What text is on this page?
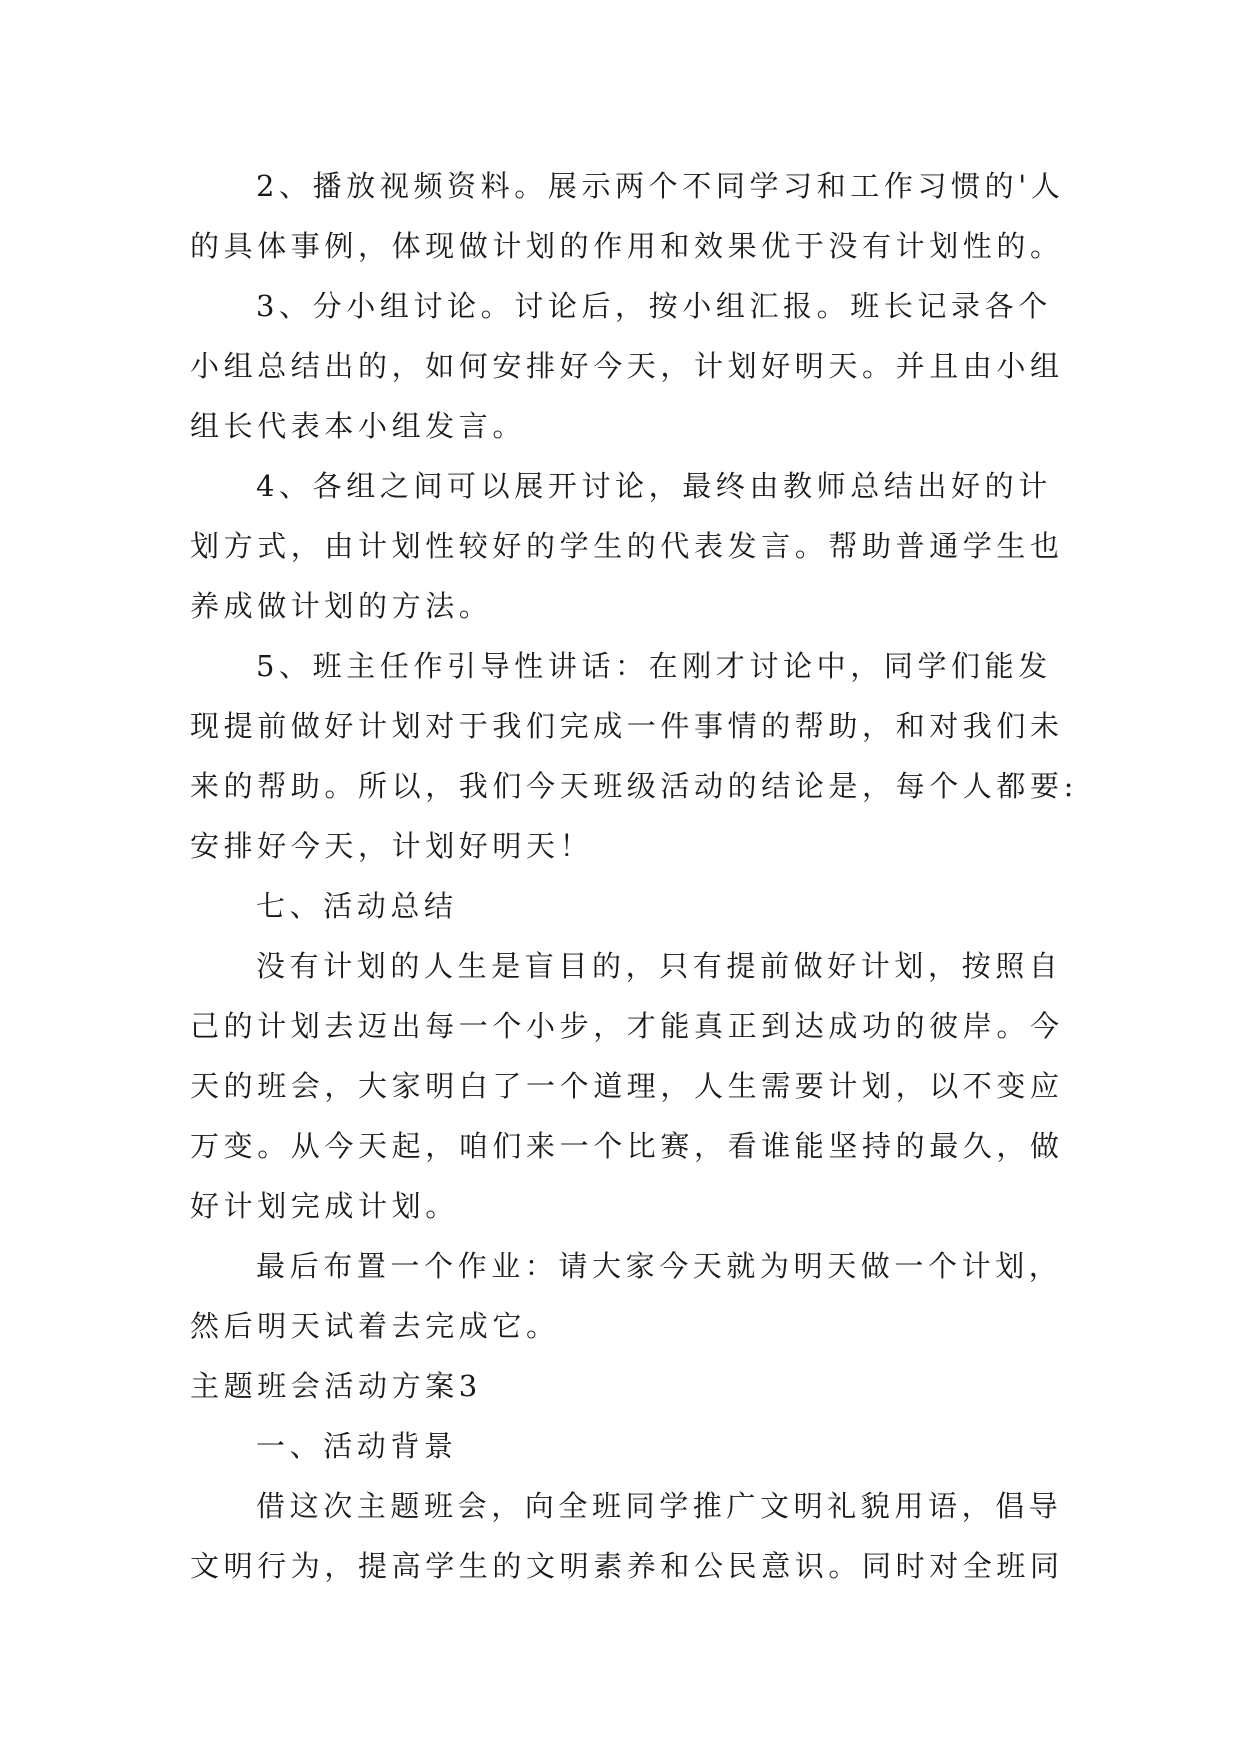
2、播放视频资料。展示两个不同学习和工作习惯的'人
的具体事例，体现做计划的作用和效果优于没有计划性的。
3、分小组讨论。讨论后，按小组汇报。班长记录各个
小组总结出的，如何安排好今天，计划好明天。并且由小组
组长代表本小组发言。
4、各组之间可以展开讨论，最终由教师总结出好的计
划方式，由计划性较好的学生的代表发言。帮助普通学生也
养成做计划的方法。
5、班主任作引导性讲话：在刚才讨论中，同学们能发
现提前做好计划对于我们完成一件事情的帮助，和对我们未
来的帮助。所以，我们今天班级活动的结论是，每个人都要:
安排好今天，计划好明天！
七、活动总结
没有计划的人生是盲目的，只有提前做好计划，按照自
己的计划去迈出每一个小步，才能真正到达成功的彼岸。今
天的班会，大家明白了一个道理，人生需要计划，以不变应
万变。从今天起，咱们来一个比赛，看谁能坚持的最久，做
好计划完成计划。
最后布置一个作业：请大家今天就为明天做一个计划，
然后明天试着去完成它。
主题班会活动方案3
一、活动背景
借这次主题班会，向全班同学推广文明礼貌用语，倡导
文明行为，提高学生的文明素养和公民意识。同时对全班同
